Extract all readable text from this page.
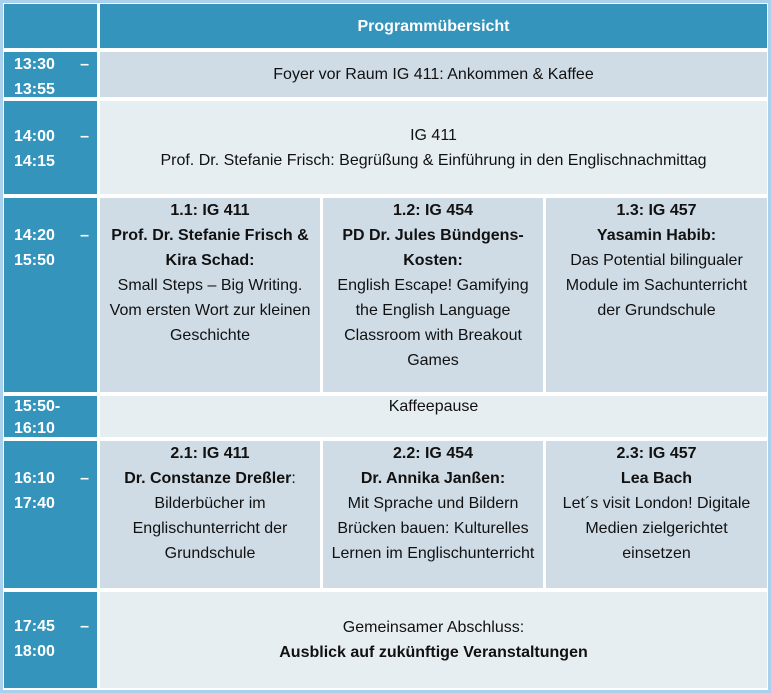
Programmübersicht
13:30 –
13:55
Foyer vor Raum IG 411: Ankommen & Kaffee
14:00 –
14:15
IG 411
Prof. Dr. Stefanie Frisch: Begrüßung & Einführung in den Englischnachmittag
14:20 –
15:50
1.1: IG 411
Prof. Dr. Stefanie Frisch &
Kira Schad:
Small Steps – Big Writing.
Vom ersten Wort zur kleinen
Geschichte
1.2: IG 454
PD Dr. Jules Bündgens-
Kosten:
English Escape! Gamifying
the English Language
Classroom with Breakout
Games
1.3: IG 457
Yasamin Habib:
Das Potential bilingualer
Module im Sachunterricht
der Grundschule
15:50-
16:10
Kaffeepause
16:10 –
17:40
2.1: IG 411
Dr. Constanze Dreßler:
Bilderbücher im
Englischunterricht der
Grundschule
2.2: IG 454
Dr. Annika Janßen:
Mit Sprache und Bildern
Brücken bauen: Kulturelles
Lernen im Englischunterricht
2.3: IG 457
Lea Bach
Let´s visit London! Digitale
Medien zielgerichtet
einsetzen
17:45 –
18:00
Gemeinsamer Abschluss:
Ausblick auf zukünftige Veranstaltungen
